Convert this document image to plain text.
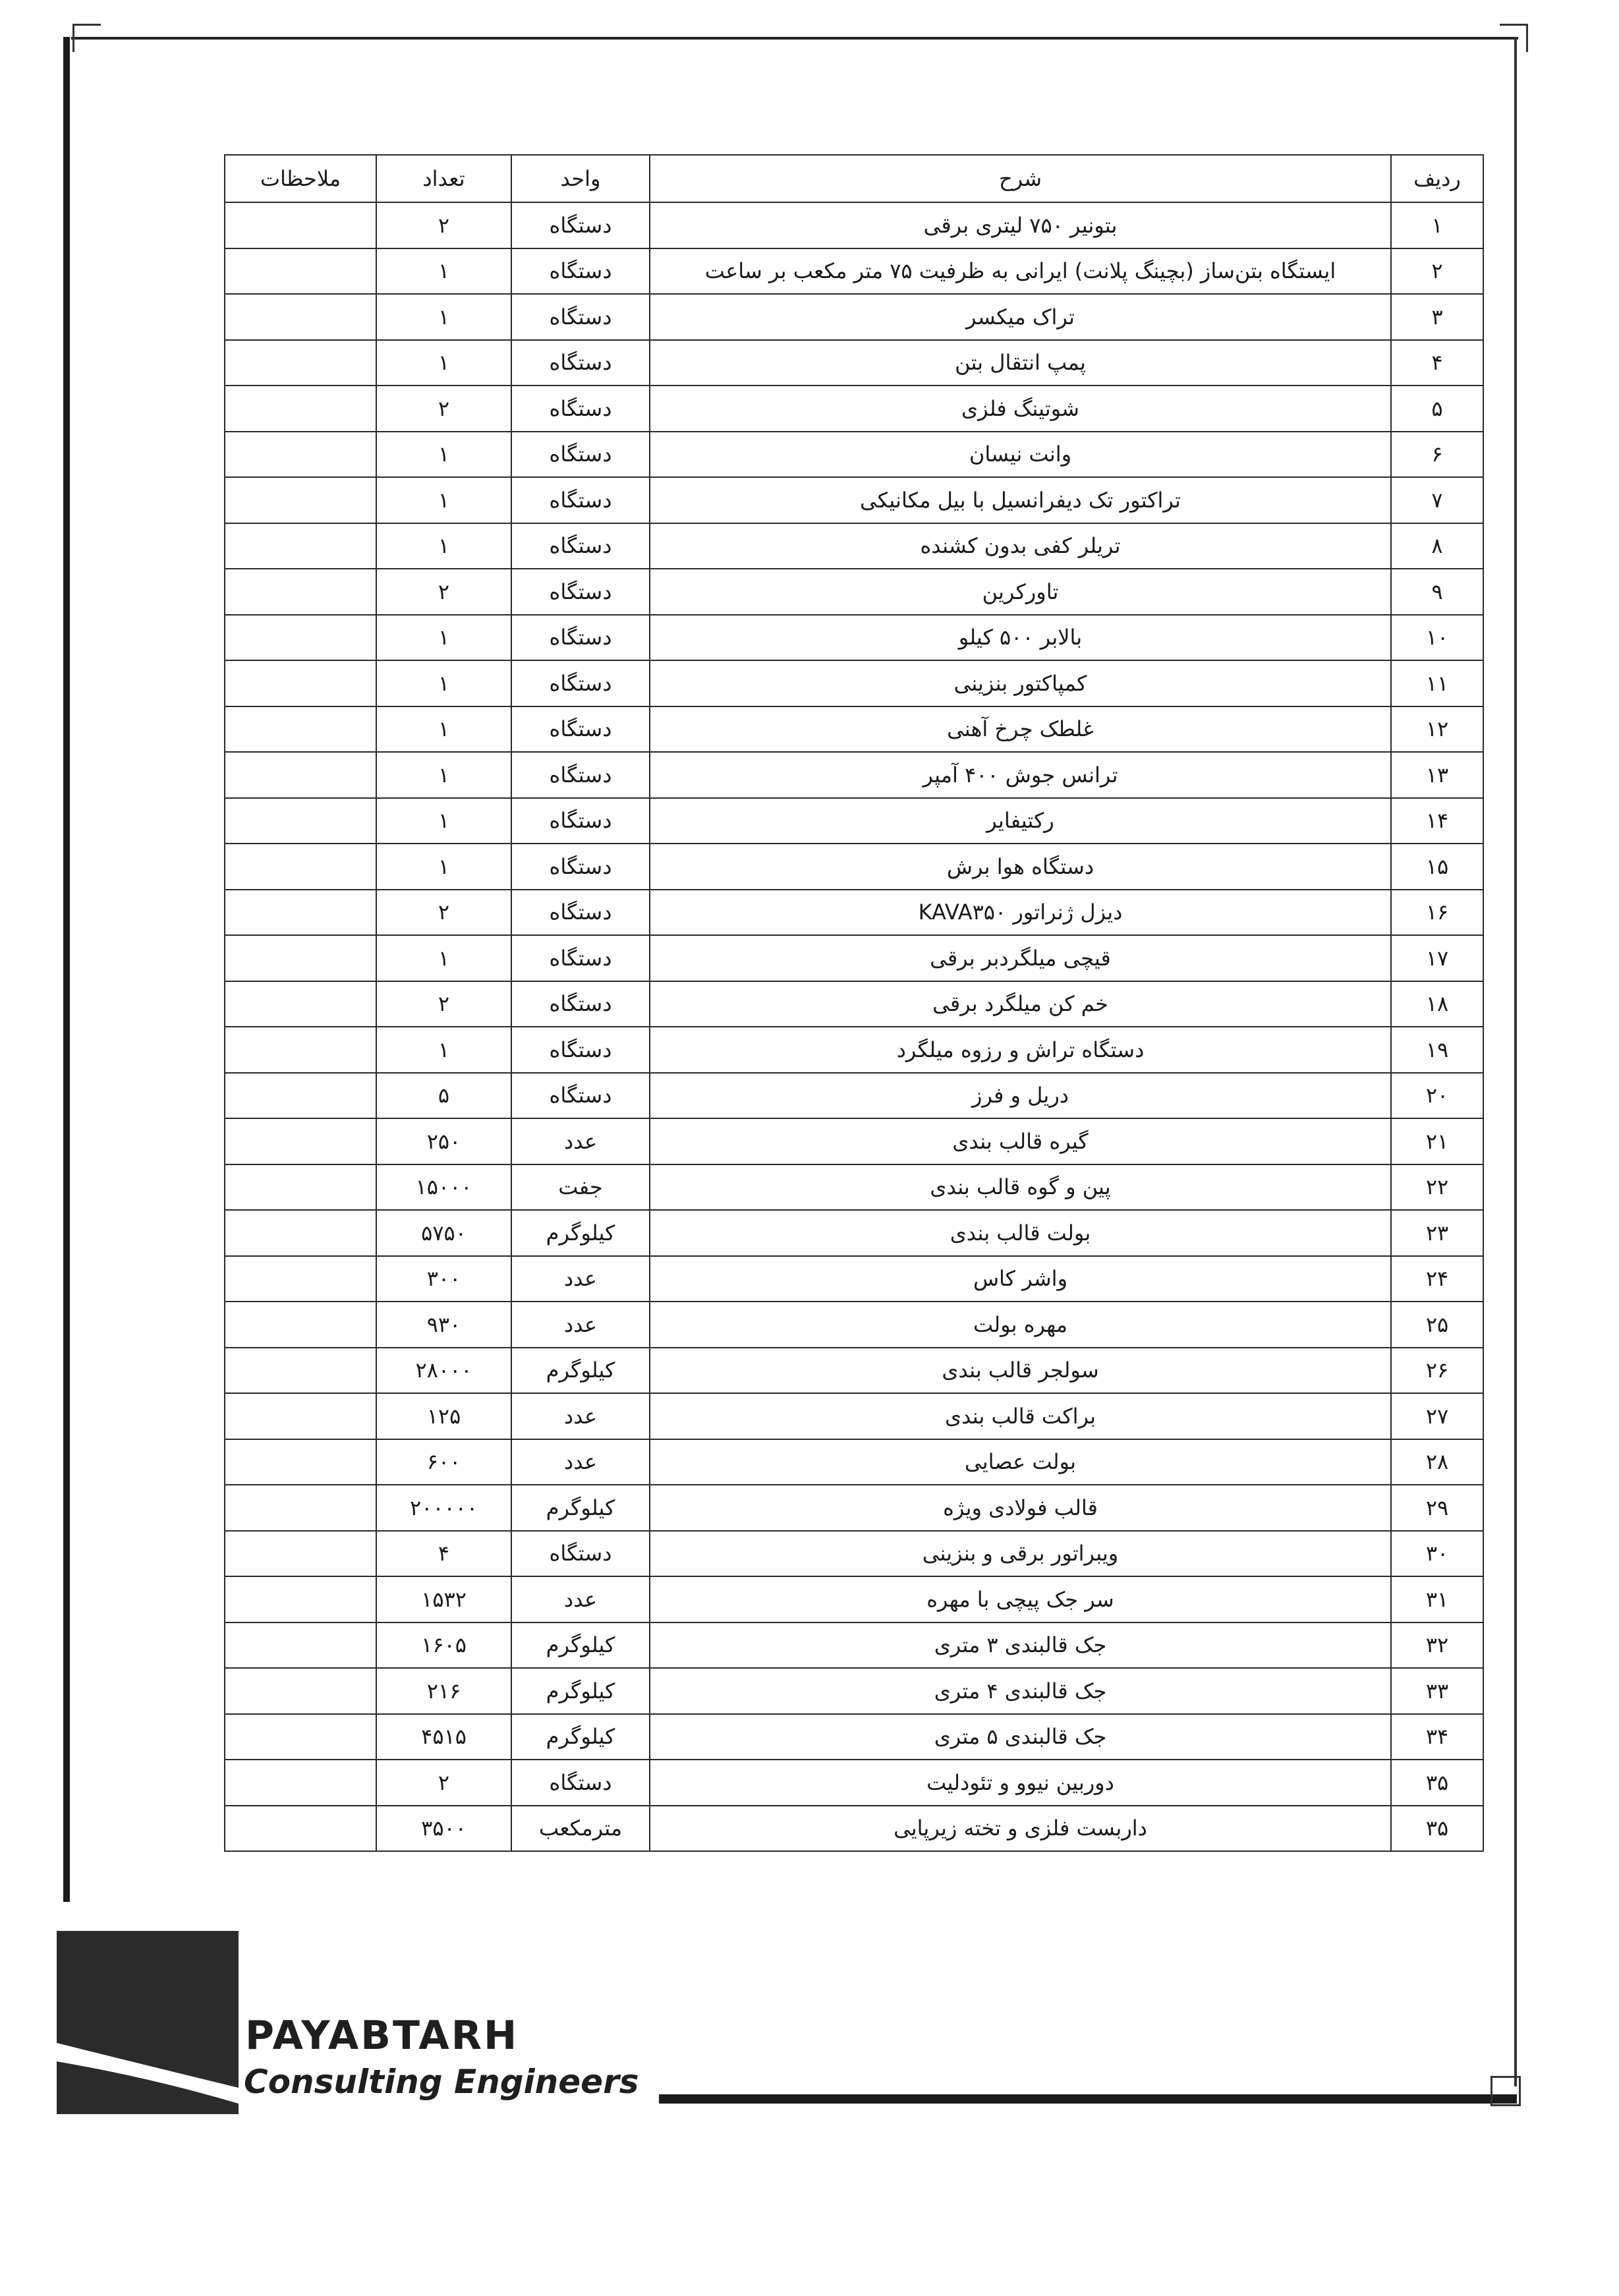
ردیف	شرح	واحد	تعداد	ملاحظات
۱	بتونیر ۷۵۰ لیتری برقی	دستگاه	۲	
۲	ایستگاه بتن‌ساز (بچینگ پلانت) ایرانی به ظرفیت ۷۵ متر مکعب بر ساعت	دستگاه	۱	
۳	تراک میکسر	دستگاه	۱	
۴	پمپ انتقال بتن	دستگاه	۱	
۵	شوتینگ فلزی	دستگاه	۲	
۶	وانت نیسان	دستگاه	۱	
۷	تراکتور تک دیفرانسیل با بیل مکانیکی	دستگاه	۱	
۸	تریلر کفی بدون کشنده	دستگاه	۱	
۹	تاورکرین	دستگاه	۲	
۱۰	بالابر ۵۰۰ کیلو	دستگاه	۱	
۱۱	کمپاکتور بنزینی	دستگاه	۱	
۱۲	غلطک چرخ آهنی	دستگاه	۱	
۱۳	ترانس جوش ۴۰۰ آمپر	دستگاه	۱	
۱۴	رکتیفایر	دستگاه	۱	
۱۵	دستگاه هوا برش	دستگاه	۱	
۱۶	دیزل ژنراتور KAVA۳۵۰	دستگاه	۲	
۱۷	قیچی میلگردبر برقی	دستگاه	۱	
۱۸	خم کن میلگرد برقی	دستگاه	۲	
۱۹	دستگاه تراش و رزوه میلگرد	دستگاه	۱	
۲۰	دریل و فرز	دستگاه	۵	
۲۱	گیره قالب بندی	عدد	۲۵۰	
۲۲	پین و گوه قالب بندی	جفت	۱۵۰۰۰	
۲۳	بولت قالب بندی	کیلوگرم	۵۷۵۰	
۲۴	واشر کاس	عدد	۳۰۰	
۲۵	مهره بولت	عدد	۹۳۰	
۲۶	سولجر قالب بندی	کیلوگرم	۲۸۰۰۰	
۲۷	براکت قالب بندی	عدد	۱۲۵	
۲۸	بولت عصایی	عدد	۶۰۰	
۲۹	قالب فولادی ویژه	کیلوگرم	۲۰۰۰۰۰	
۳۰	ویبراتور برقی و بنزینی	دستگاه	۴	
۳۱	سر جک پیچی با مهره	عدد	۱۵۳۲	
۳۲	جک قالبندی ۳ متری	کیلوگرم	۱۶۰۵	
۳۳	جک قالبندی ۴ متری	کیلوگرم	۲۱۶	
۳۴	جک قالبندی ۵ متری	کیلوگرم	۴۵۱۵	
۳۵	دوربین نیوو و تئودلیت	دستگاه	۲	
۳۵	داربست فلزی و تخته زیرپایی	مترمکعب	۳۵۰۰	
PAYABTARH
Consulting Engineers
